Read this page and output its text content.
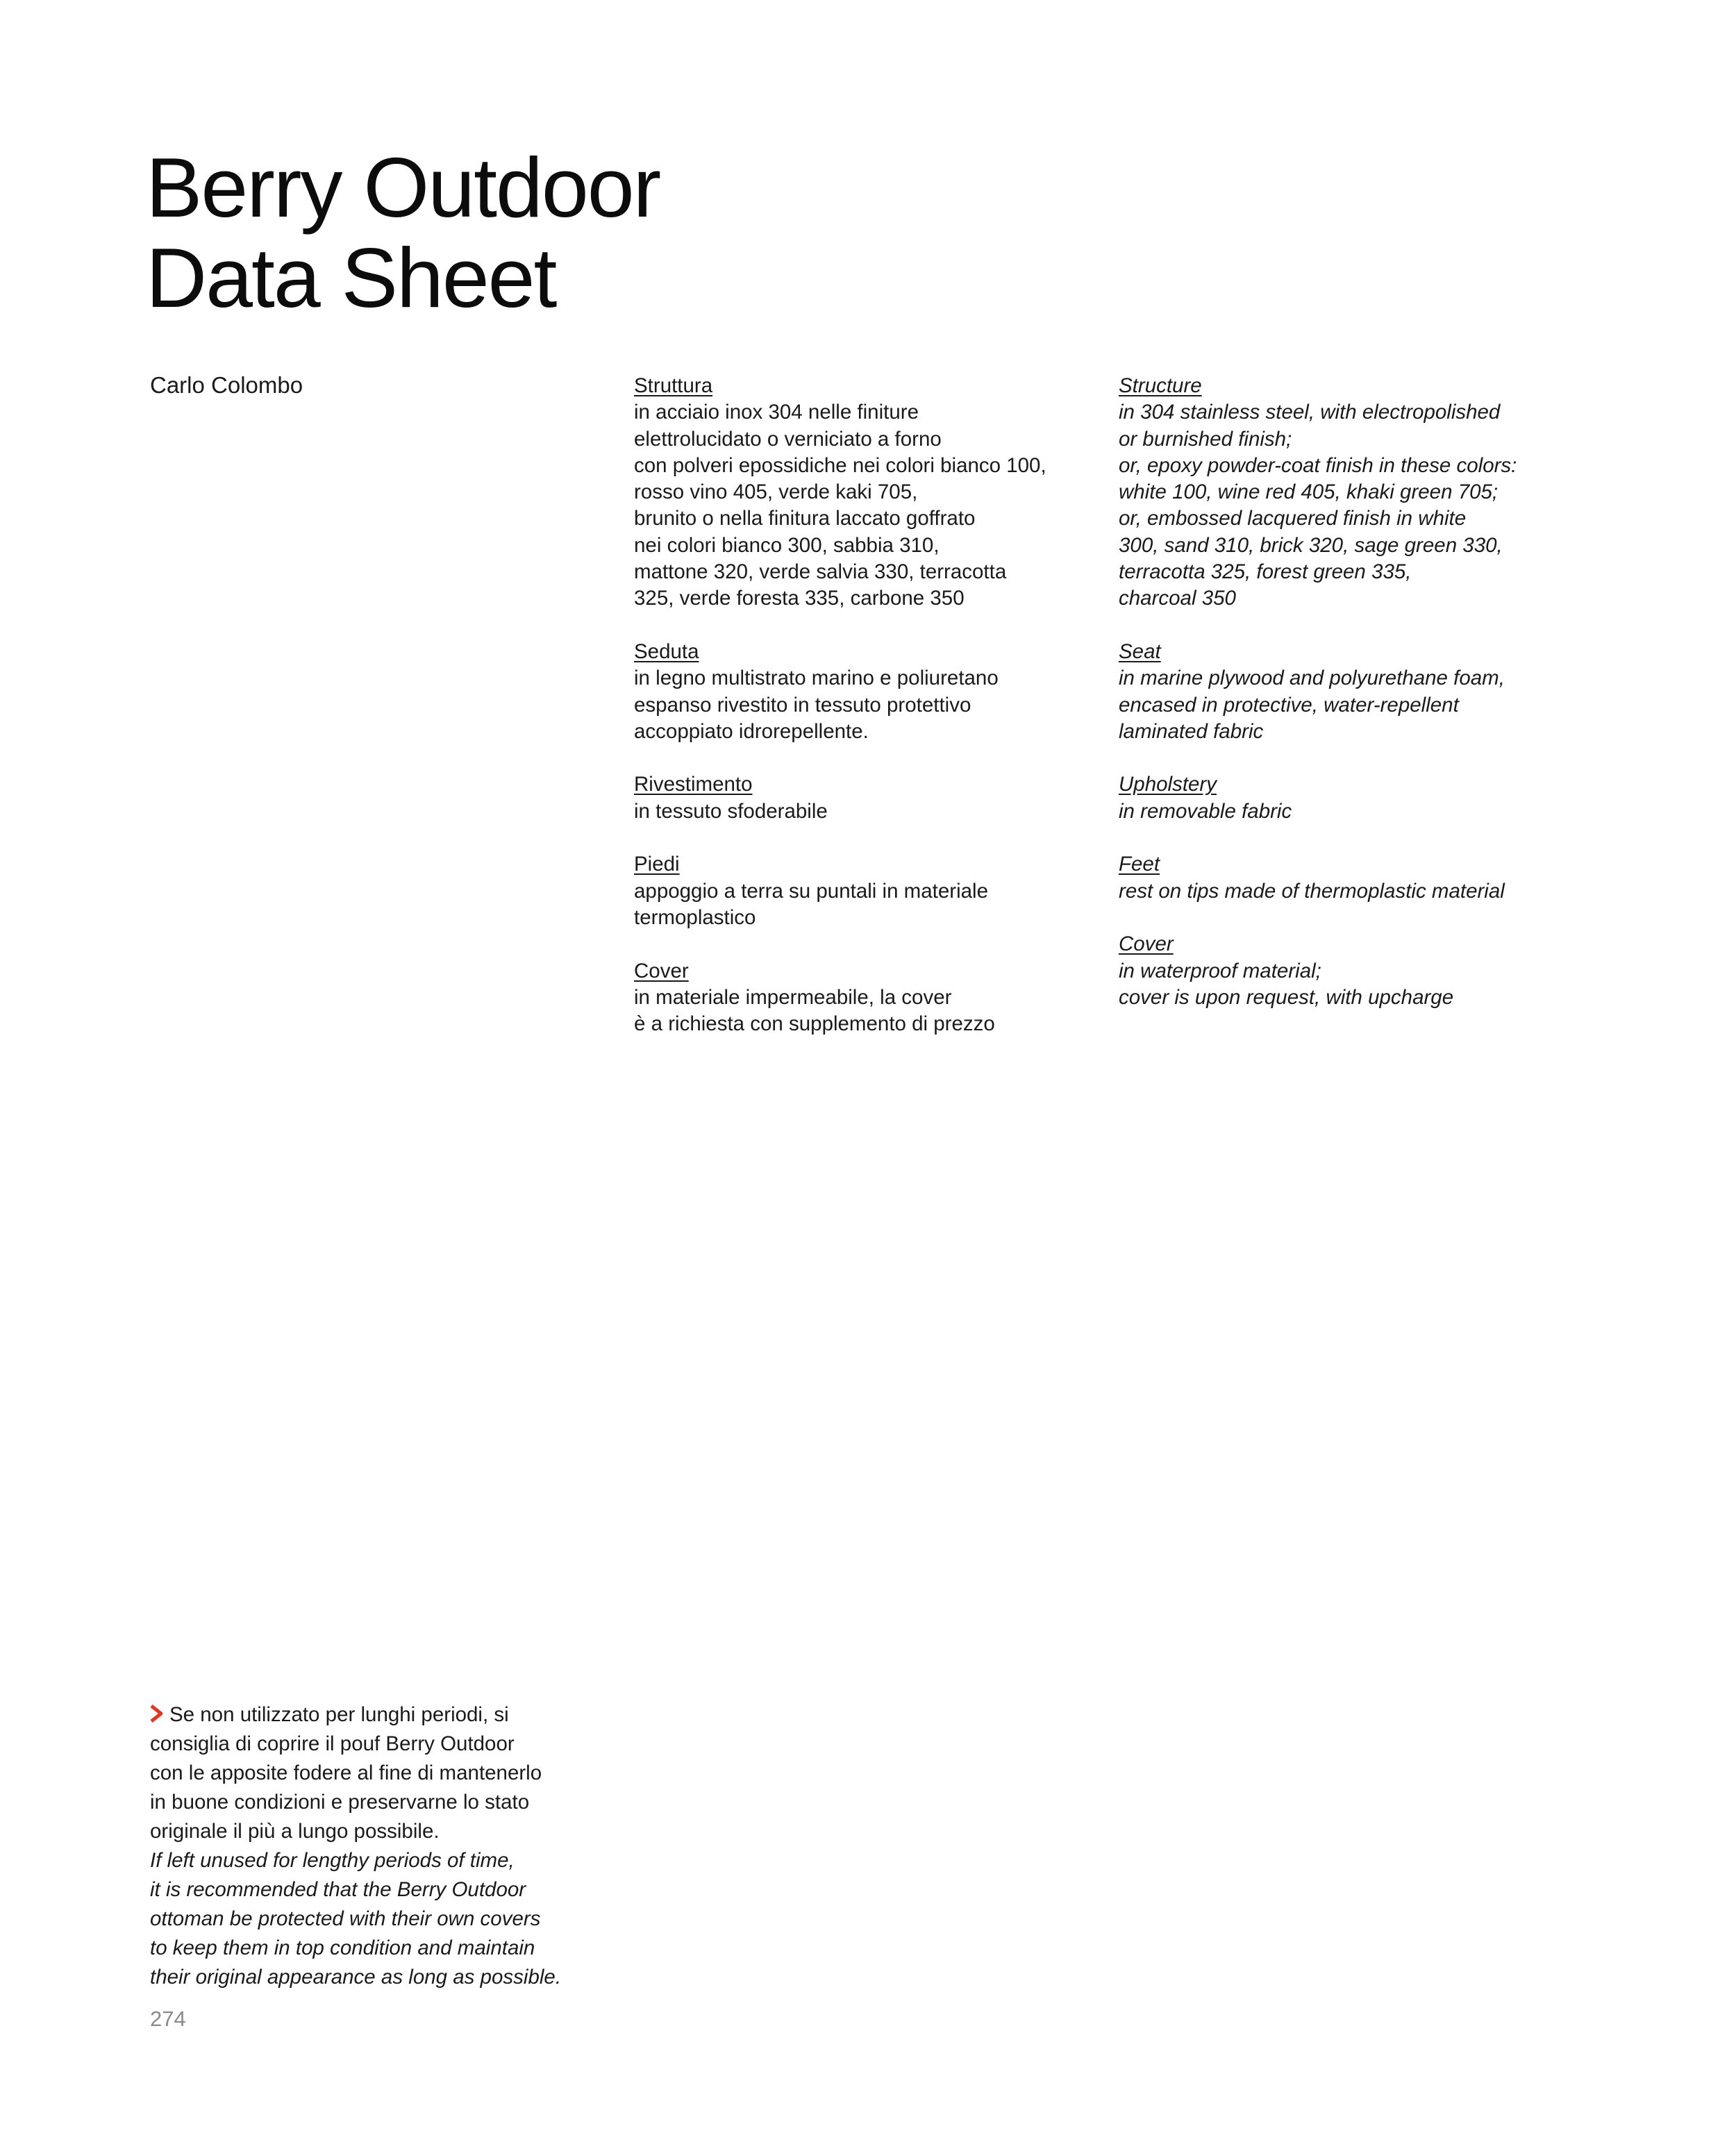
Berry Outdoor
Data Sheet
Carlo Colombo	Struttura
in acciaio inox 304 nelle finiture
elettrolucidato o verniciato a forno
con polveri epossidiche nei colori bianco 100,
rosso vino 405, verde kaki 705,
brunito o nella finitura laccato goffrato
nei colori bianco 300, sabbia 310,
mattone 320, verde salvia 330, terracotta
325, verde foresta 335, carbone 350
Seduta
in legno multistrato marino e poliuretano
espanso rivestito in tessuto protettivo
accoppiato idrorepellente.
Rivestimento
in tessuto sfoderabile
Piedi
appoggio a terra su puntali in materiale
termoplastico
Cover
in materiale impermeabile, la cover
è a richiesta con supplemento di prezzo
Structure
in 304 stainless steel, with electropolished
or burnished finish;
or, epoxy powder-coat finish in these colors:
white 100, wine red 405, khaki green 705;
or, embossed lacquered finish in white
300, sand 310, brick 320, sage green 330,
terracotta 325, forest green 335,
charcoal 350
Seat
in marine plywood and polyurethane foam,
encased in protective, water-repellent
laminated fabric
Upholstery
in removable fabric
Feet
rest on tips made of thermoplastic material
Cover
in waterproof material;
cover is upon request, with upcharge
Se non utilizzato per lunghi periodi, si
consiglia di coprire il pouf Berry Outdoor
con le apposite fodere al fine di mantenerlo
in buone condizioni e preservarne lo stato
originale il più a lungo possibile.
If left unused for lengthy periods of time,
it is recommended that the Berry Outdoor
ottoman be protected with their own covers
to keep them in top condition and maintain
their original appearance as long as possible.
274
